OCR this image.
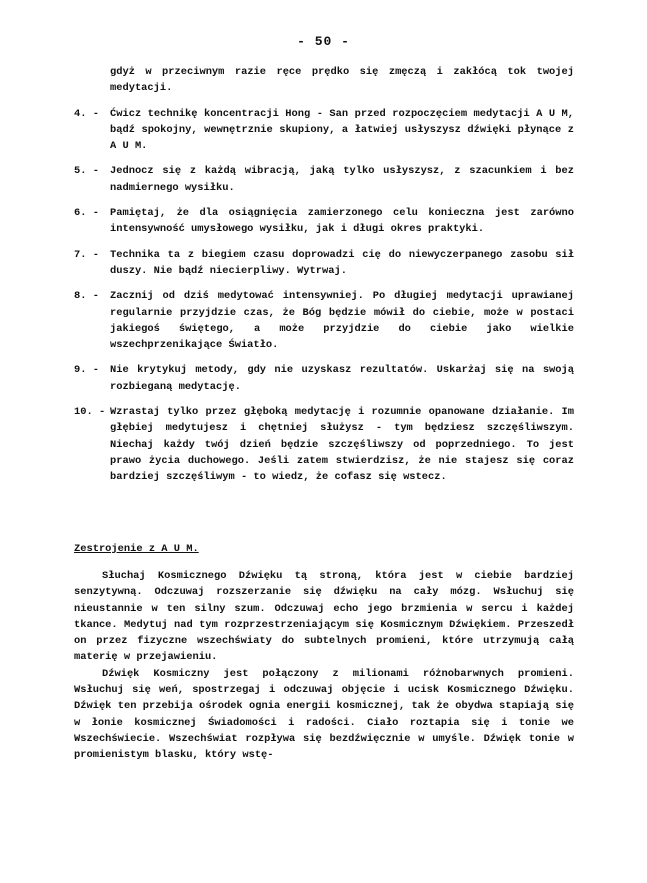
- 50 -
gdyż w przeciwnym razie ręce prędko się zmęczą i zakłócą tok twojej medytacji.
4. -	Ćwicz technikę koncentracji Hong - San przed rozpoczęciem medytacji A U M, bądź spokojny, wewnętrznie skupiony, a łatwiej usłyszysz dźwięki płynące z A U M.
5. -	Jednocz się z każdą wibracją, jaką tylko usłyszysz, z szacunkiem i bez nadmiernego wysiłku.
6. -	Pamiętaj, że dla osiągnięcia zamierzonego celu konieczna jest zarówno intensywność umysłowego wysiłku, jak i długi okres praktyki.
7. -	Technika ta z biegiem czasu doprowadzi cię do niewyczerpanego zasobu sił duszy. Nie bądź niecierpliwy. Wytrwaj.
8. -	Zacznij od dziś medytować intensywniej. Po długiej medytacji uprawianej regularnie przyjdzie czas, że Bóg będzie mówił do ciebie, może w postaci jakiegoś świętego, a może przyjdzie do ciebie jako wielkie wszechprzenikające Światło.
9. -	Nie krytykuj metody, gdy nie uzyskasz rezultatów. Uskarżaj się na swoją rozbieganą medytację.
10. - Wzrastaj tylko przez głęboką medytację i rozumnie opanowane działanie. Im głębiej medytujesz i chętniej służysz - tym będziesz szczęśliwszym. Niechaj każdy twój dzień będzie szczęśliwszy od poprzedniego. To jest prawo życia duchowego. Jeśli zatem stwierdzisz, że nie stajesz się coraz bardziej szczęśliwym - to wiedz, że cofasz się wstecz.
Zestrojenie z A U M.

Słuchaj Kosmicznego Dźwięku tą stroną, która jest w ciebie bardziej senzytywną. Odczuwaj rozszerzanie się dźwięku na cały mózg. Wsłuchuj się nieustannie w ten silny szum. Odczuwaj echo jego brzmienia w sercu i każdej tkance. Medytuj nad tym rozprzestrzeniającym się Kosmicznym Dźwiękiem. Przeszedł on przez fizyczne wszechświaty do subtelnych promieni, które utrzymują całą materię w przejawieniu.

Dźwięk Kosmiczny jest połączony z milionami różnobarwnych promieni. Wsłuchuj się weń, spostrzegaj i odczuwaj objęcie i ucisk Kosmicznego Dźwięku. Dźwięk ten przebija ośrodek ognia energii kosmicznej, tak że obydwa stapiają się w łonie kosmicznej Świadomości i radości. Ciało roztapia się i tonie we Wszechświecie. Wszechświat rozpływa się bezdźwięcznie w umyśle. Dźwięk tonie w promienistym blasku, który wstę-
